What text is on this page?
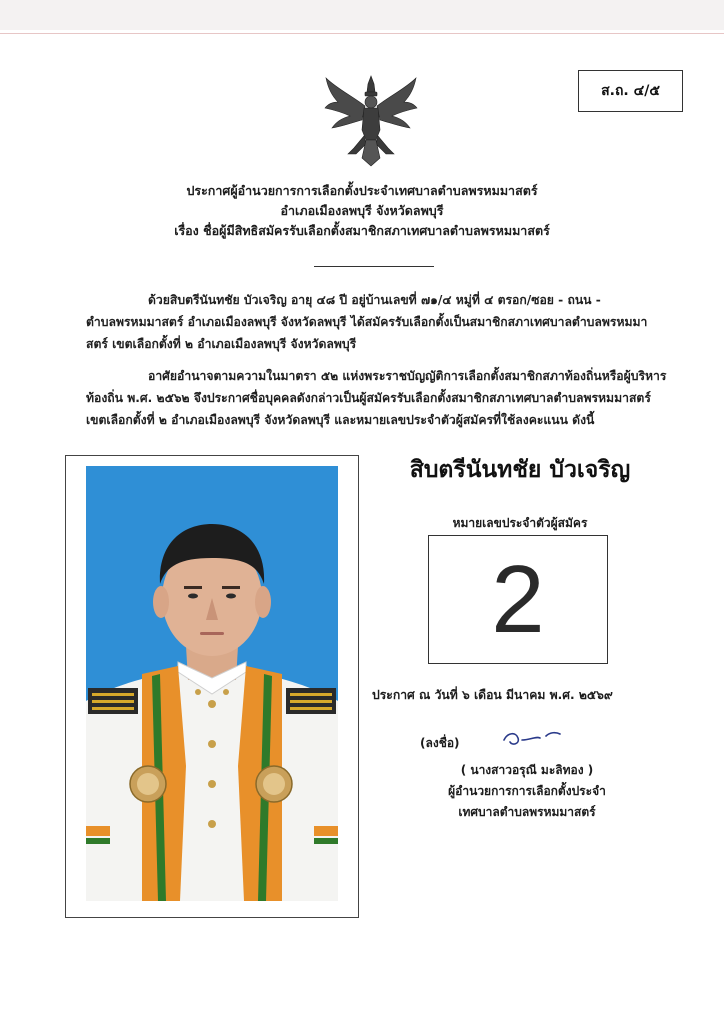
ส.ถ. ๔/๕
ประกาศผู้อำนวยการการเลือกตั้งประจำเทศบาลตำบลพรหมมาสตร์
อำเภอเมืองลพบุรี จังหวัดลพบุรี
เรื่อง ชื่อผู้มีสิทธิสมัครรับเลือกตั้งสมาชิกสภาเทศบาลตำบลพรหมมาสตร์
ด้วยสิบตรีนันทชัย บัวเจริญ อายุ ๔๘ ปี อยู่บ้านเลขที่ ๗๑/๔ หมู่ที่ ๔ ตรอก/ซอย - ถนน -
ตำบลพรหมมาสตร์ อำเภอเมืองลพบุรี จังหวัดลพบุรี ได้สมัครรับเลือกตั้งเป็นสมาชิกสภาเทศบาลตำบลพรหมมา
สตร์ เขตเลือกตั้งที่ ๒ อำเภอเมืองลพบุรี จังหวัดลพบุรี
อาศัยอำนาจตามความในมาตรา ๕๒ แห่งพระราชบัญญัติการเลือกตั้งสมาชิกสภาท้องถิ่นหรือผู้บริหาร
ท้องถิ่น พ.ศ. ๒๕๖๒ จึงประกาศชื่อบุคคลดังกล่าวเป็นผู้สมัครรับเลือกตั้งสมาชิกสภาเทศบาลตำบลพรหมมาสตร์
เขตเลือกตั้งที่ ๒ อำเภอเมืองลพบุรี จังหวัดลพบุรี และหมายเลขประจำตัวผู้สมัครที่ใช้ลงคะแนน ดังนี้
สิบตรีนันทชัย บัวเจริญ
หมายเลขประจำตัวผู้สมัคร
2
ประกาศ ณ วันที่ ๖ เดือน มีนาคม พ.ศ. ๒๕๖๙
(ลงชื่อ)
( นางสาวอรุณี มะลิทอง )
ผู้อำนวยการการเลือกตั้งประจำ
เทศบาลตำบลพรหมมาสตร์
